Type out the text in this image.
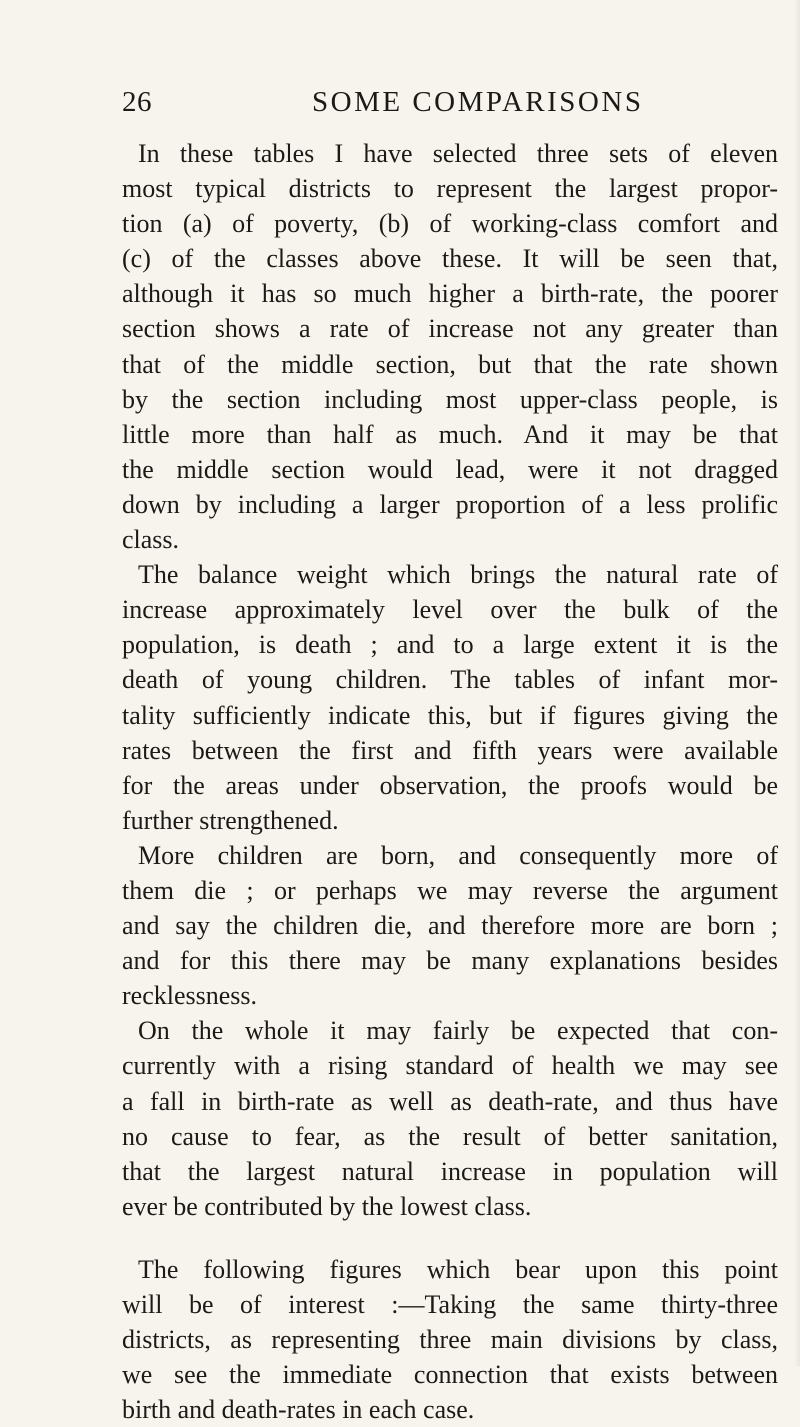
26	SOME COMPARISONS
In these tables I have selected three sets of eleven
most typical districts to represent the largest propor-
tion (a) of poverty, (b) of working-class comfort and
(c) of the classes above these. It will be seen that,
although it has so much higher a birth-rate, the poorer
section shows a rate of increase not any greater than
that of the middle section, but that the rate shown
by the section including most upper-class people, is
little more than half as much. And it may be that
the middle section would lead, were it not dragged
down by including a larger proportion of a less prolific
class.
The balance weight which brings the natural rate of
increase approximately level over the bulk of the
population, is death ; and to a large extent it is the
death of young children. The tables of infant mor-
tality sufficiently indicate this, but if figures giving the
rates between the first and fifth years were available
for the areas under observation, the proofs would be
further strengthened.
More children are born, and consequently more of
them die ; or perhaps we may reverse the argument
and say the children die, and therefore more are born ;
and for this there may be many explanations besides
recklessness.
On the whole it may fairly be expected that con-
currently with a rising standard of health we may see
a fall in birth-rate as well as death-rate, and thus have
no cause to fear, as the result of better sanitation,
that the largest natural increase in population will
ever be contributed by the lowest class.
The following figures which bear upon this point
will be of interest :—Taking the same thirty-three
districts, as representing three main divisions by class,
we see the immediate connection that exists between
birth and death-rates in each case.
